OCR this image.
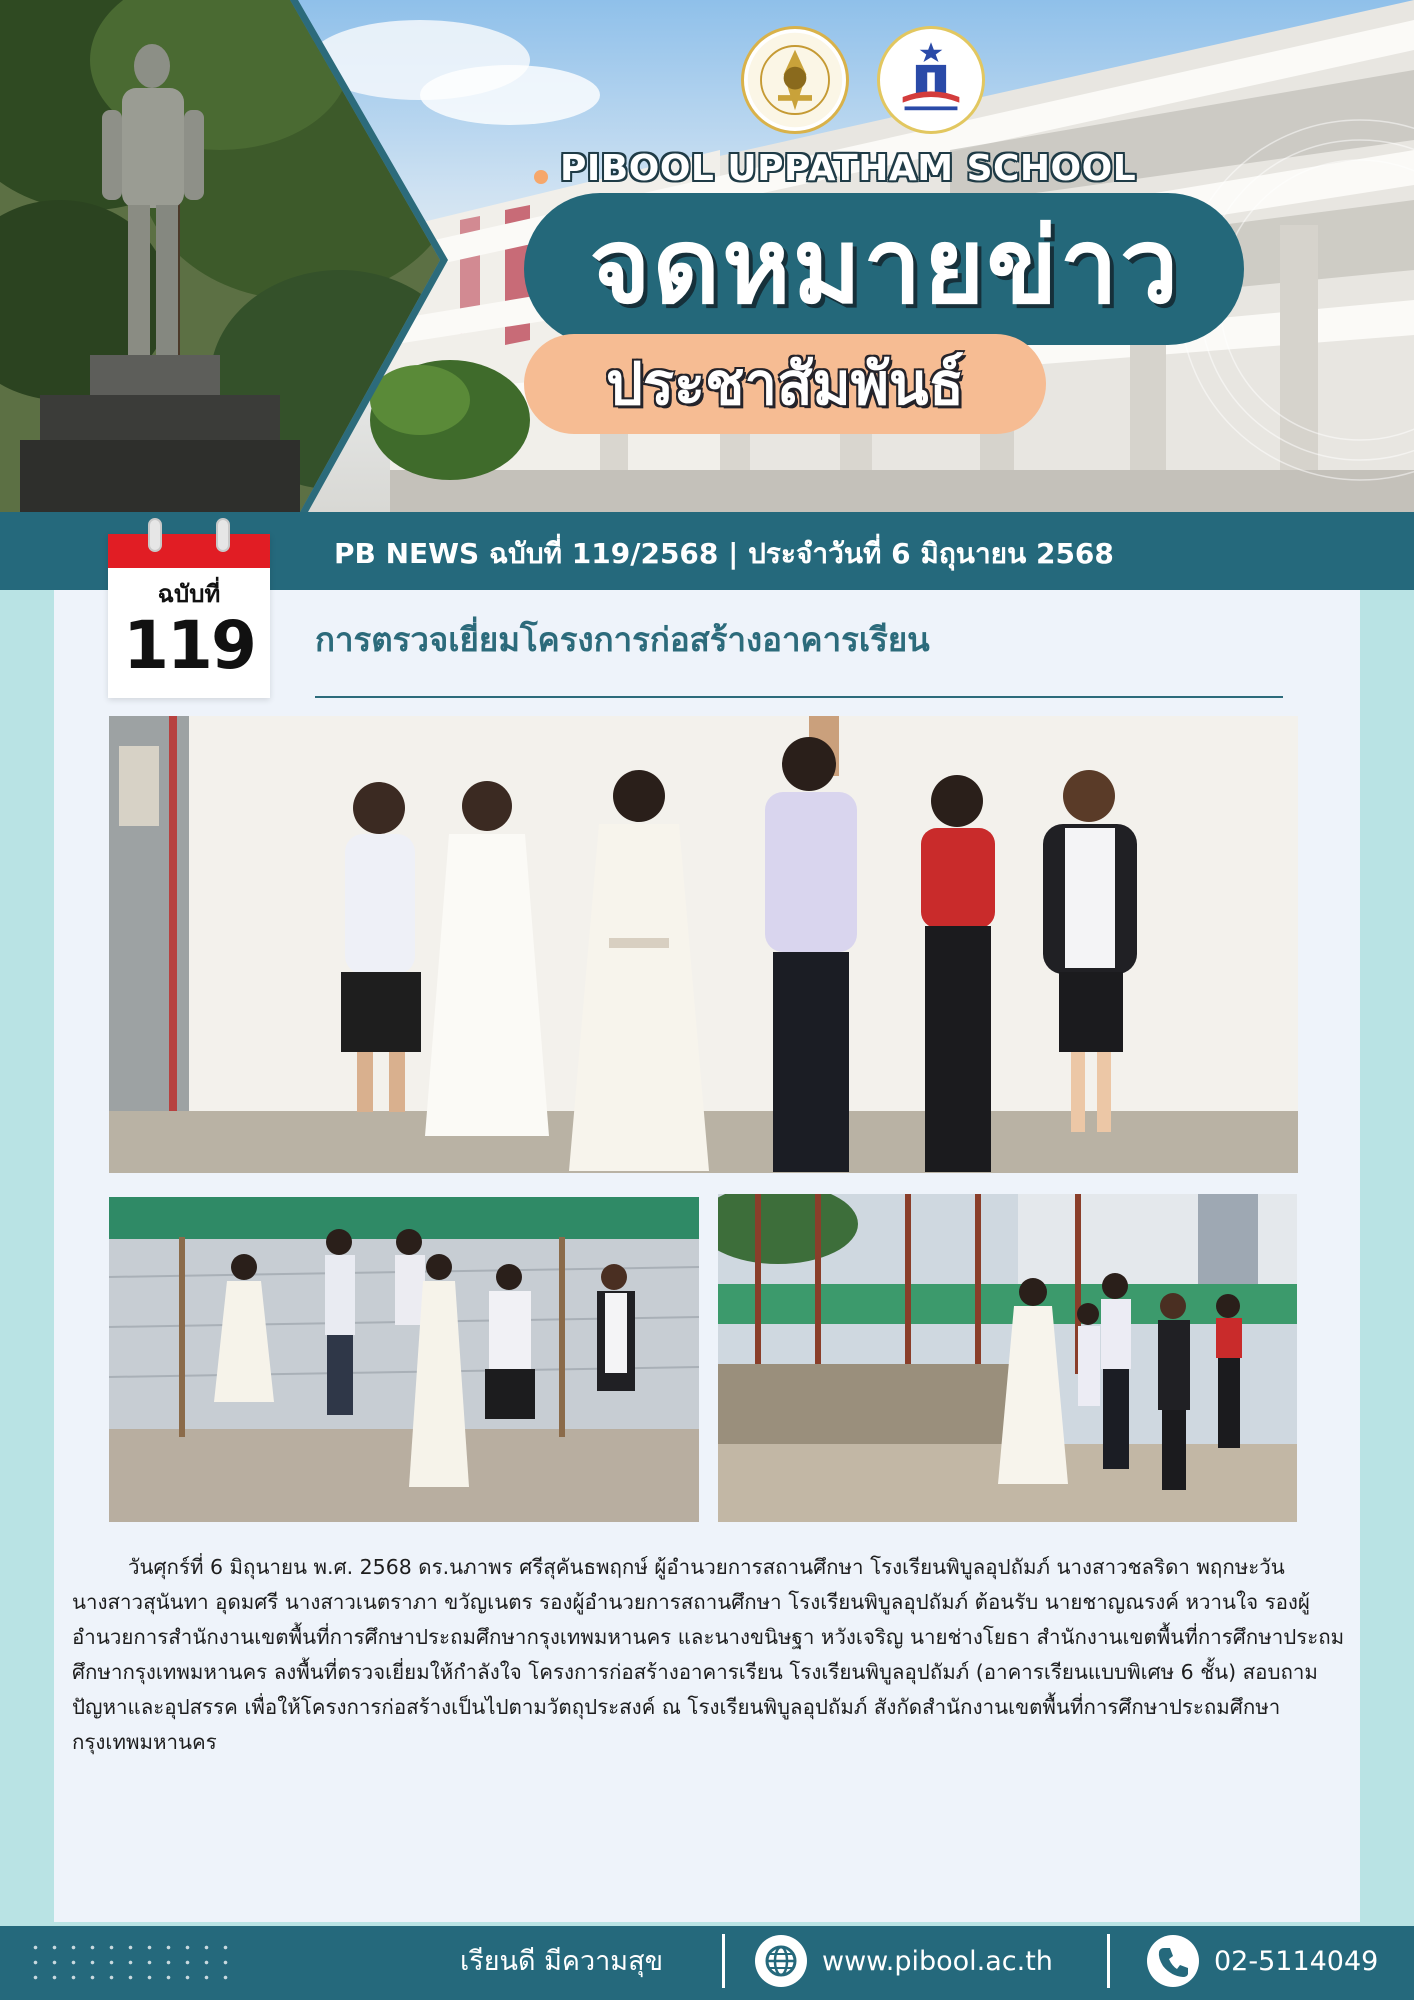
PIBOOL UPPATHAM SCHOOL
จดหมายข่าว
ประชาสัมพันธ์
PB NEWS ฉบับที่ 119/2568 | ประจำวันที่ 6 มิถุนายน 2568
ฉบับที่
119	การตรวจเยี่ยมโครงการก่อสร้างอาคารเรียน

วันศุกร์ที่ 6 มิถุนายน พ.ศ. 2568 ดร.นภาพร ศรีสุคันธพฤกษ์ ผู้อำนวยการสถานศึกษา โรงเรียนพิบูลอุปถัมภ์ นางสาวชลริดา พฤกษะวัน นางสาวสุนันทา อุดมศรี นางสาวเนตราภา ขวัญเนตร รองผู้อำนวยการสถานศึกษา โรงเรียนพิบูลอุปถัมภ์ ต้อนรับ นายชาญณรงค์ หวานใจ รองผู้อำนวยการสำนักงานเขตพื้นที่การศึกษาประถมศึกษากรุงเทพมหานคร และนางขนิษฐา หวังเจริญ นายช่างโยธา สำนักงานเขตพื้นที่การศึกษาประถมศึกษากรุงเทพมหานคร ลงพื้นที่ตรวจเยี่ยมให้กำลังใจ โครงการก่อสร้างอาคารเรียน โรงเรียนพิบูลอุปถัมภ์ (อาคารเรียนแบบพิเศษ 6 ชั้น) สอบถามปัญหาและอุปสรรค เพื่อให้โครงการก่อสร้างเป็นไปตามวัตถุประสงค์ ณ โรงเรียนพิบูลอุปถัมภ์ สังกัดสำนักงานเขตพื้นที่การศึกษาประถมศึกษากรุงเทพมหานคร

เรียนดี มีความสุข	www.pibool.ac.th	02-5114049
